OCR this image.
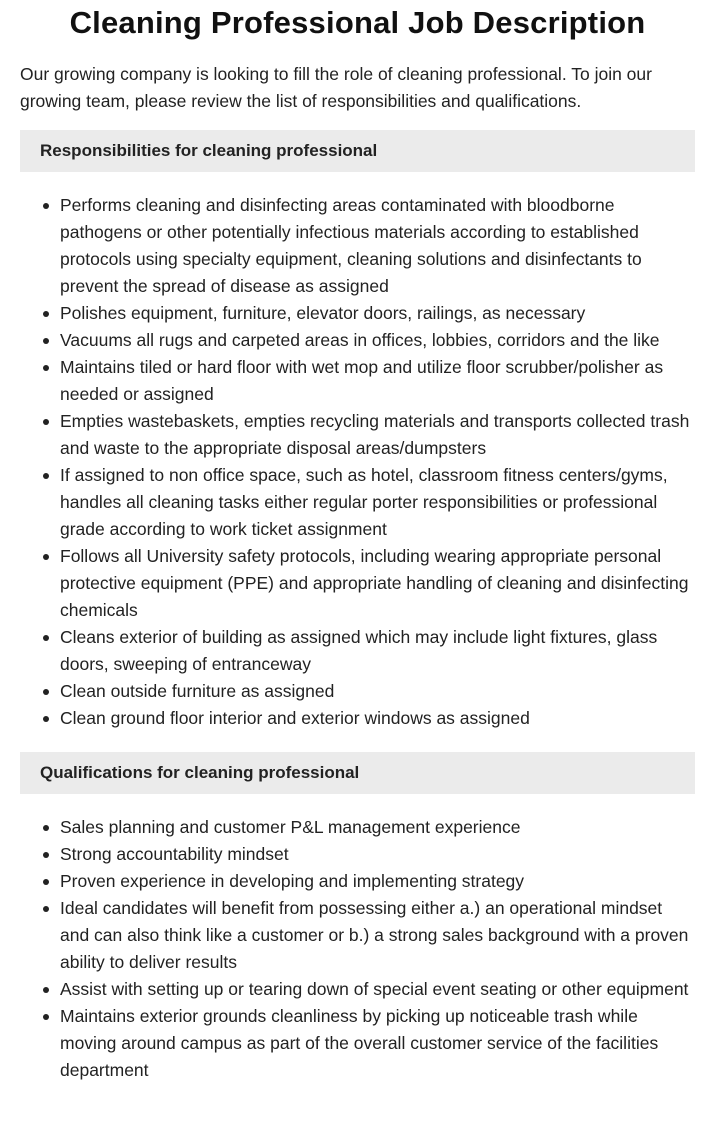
Cleaning Professional Job Description

Our growing company is looking to fill the role of cleaning professional. To join our growing team, please review the list of responsibilities and qualifications.

Responsibilities for cleaning professional
Performs cleaning and disinfecting areas contaminated with bloodborne pathogens or other potentially infectious materials according to established protocols using specialty equipment, cleaning solutions and disinfectants to prevent the spread of disease as assigned
Polishes equipment, furniture, elevator doors, railings, as necessary
Vacuums all rugs and carpeted areas in offices, lobbies, corridors and the like
Maintains tiled or hard floor with wet mop and utilize floor scrubber/polisher as needed or assigned
Empties wastebaskets, empties recycling materials and transports collected trash and waste to the appropriate disposal areas/dumpsters
If assigned to non office space, such as hotel, classroom fitness centers/gyms, handles all cleaning tasks either regular porter responsibilities or professional grade according to work ticket assignment
Follows all University safety protocols, including wearing appropriate personal protective equipment (PPE) and appropriate handling of cleaning and disinfecting chemicals
Cleans exterior of building as assigned which may include light fixtures, glass doors, sweeping of entranceway
Clean outside furniture as assigned
Clean ground floor interior and exterior windows as assigned
Qualifications for cleaning professional
Sales planning and customer P&L management experience
Strong accountability mindset
Proven experience in developing and implementing strategy
Ideal candidates will benefit from possessing either a.) an operational mindset and can also think like a customer or b.) a strong sales background with a proven ability to deliver results
Assist with setting up or tearing down of special event seating or other equipment
Maintains exterior grounds cleanliness by picking up noticeable trash while moving around campus as part of the overall customer service of the facilities department
